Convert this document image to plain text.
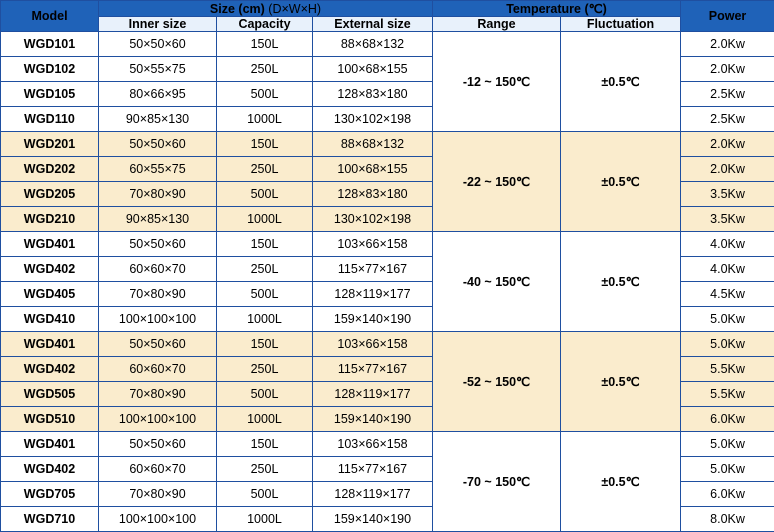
Model	Size (cm) (D×W×H)			Temperature (℃)		Power
	Inner size	Capacity	External size	Range	Fluctuation	
WGD101	50×50×60	150L	88×68×132	-12 ~ 150℃	±0.5℃	2.0Kw
WGD102	50×55×75	250L	100×68×155			2.0Kw
WGD105	80×66×95	500L	128×83×180			2.5Kw
WGD110	90×85×130	1000L	130×102×198			2.5Kw
WGD201	50×50×60	150L	88×68×132	-22 ~ 150℃	±0.5℃	2.0Kw
WGD202	60×55×75	250L	100×68×155			2.0Kw
WGD205	70×80×90	500L	128×83×180			3.5Kw
WGD210	90×85×130	1000L	130×102×198			3.5Kw
WGD401	50×50×60	150L	103×66×158	-40 ~ 150℃	±0.5℃	4.0Kw
WGD402	60×60×70	250L	115×77×167			4.0Kw
WGD405	70×80×90	500L	128×119×177			4.5Kw
WGD410	100×100×100	1000L	159×140×190			5.0Kw
WGD401	50×50×60	150L	103×66×158	-52 ~ 150℃	±0.5℃	5.0Kw
WGD402	60×60×70	250L	115×77×167			5.5Kw
WGD505	70×80×90	500L	128×119×177			5.5Kw
WGD510	100×100×100	1000L	159×140×190			6.0Kw
WGD401	50×50×60	150L	103×66×158	-70 ~ 150℃	±0.5℃	5.0Kw
WGD402	60×60×70	250L	115×77×167			5.0Kw
WGD705	70×80×90	500L	128×119×177			6.0Kw
WGD710	100×100×100	1000L	159×140×190			8.0Kw
